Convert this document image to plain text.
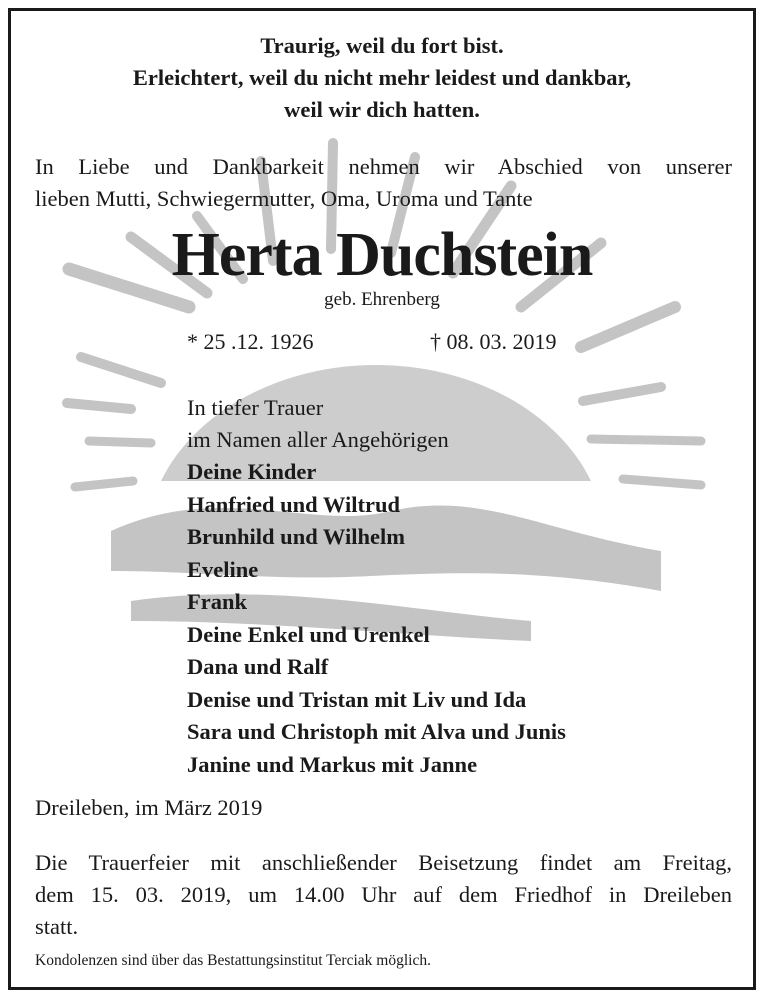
Traurig, weil du fort bist.
Erleichtert, weil du nicht mehr leidest und dankbar,
weil wir dich hatten.
In Liebe und Dankbarkeit nehmen wir Abschied von unserer
lieben Mutti, Schwiegermutter, Oma, Uroma und Tante
Herta Duchstein
geb. Ehrenberg
* 25 .12. 1926	† 08. 03. 2019
In tiefer Trauer
im Namen aller Angehörigen
Deine Kinder
Hanfried und Wiltrud
Brunhild und Wilhelm
Eveline
Frank
Deine Enkel und Urenkel
Dana und Ralf
Denise und Tristan mit Liv und Ida
Sara und Christoph mit Alva und Junis
Janine und Markus mit Janne
Dreileben, im März 2019
Die Trauerfeier mit anschließender Beisetzung findet am Freitag,
dem 15. 03. 2019, um 14.00 Uhr auf dem Friedhof in Dreileben
statt.
Kondolenzen sind über das Bestattungsinstitut Terciak möglich.
